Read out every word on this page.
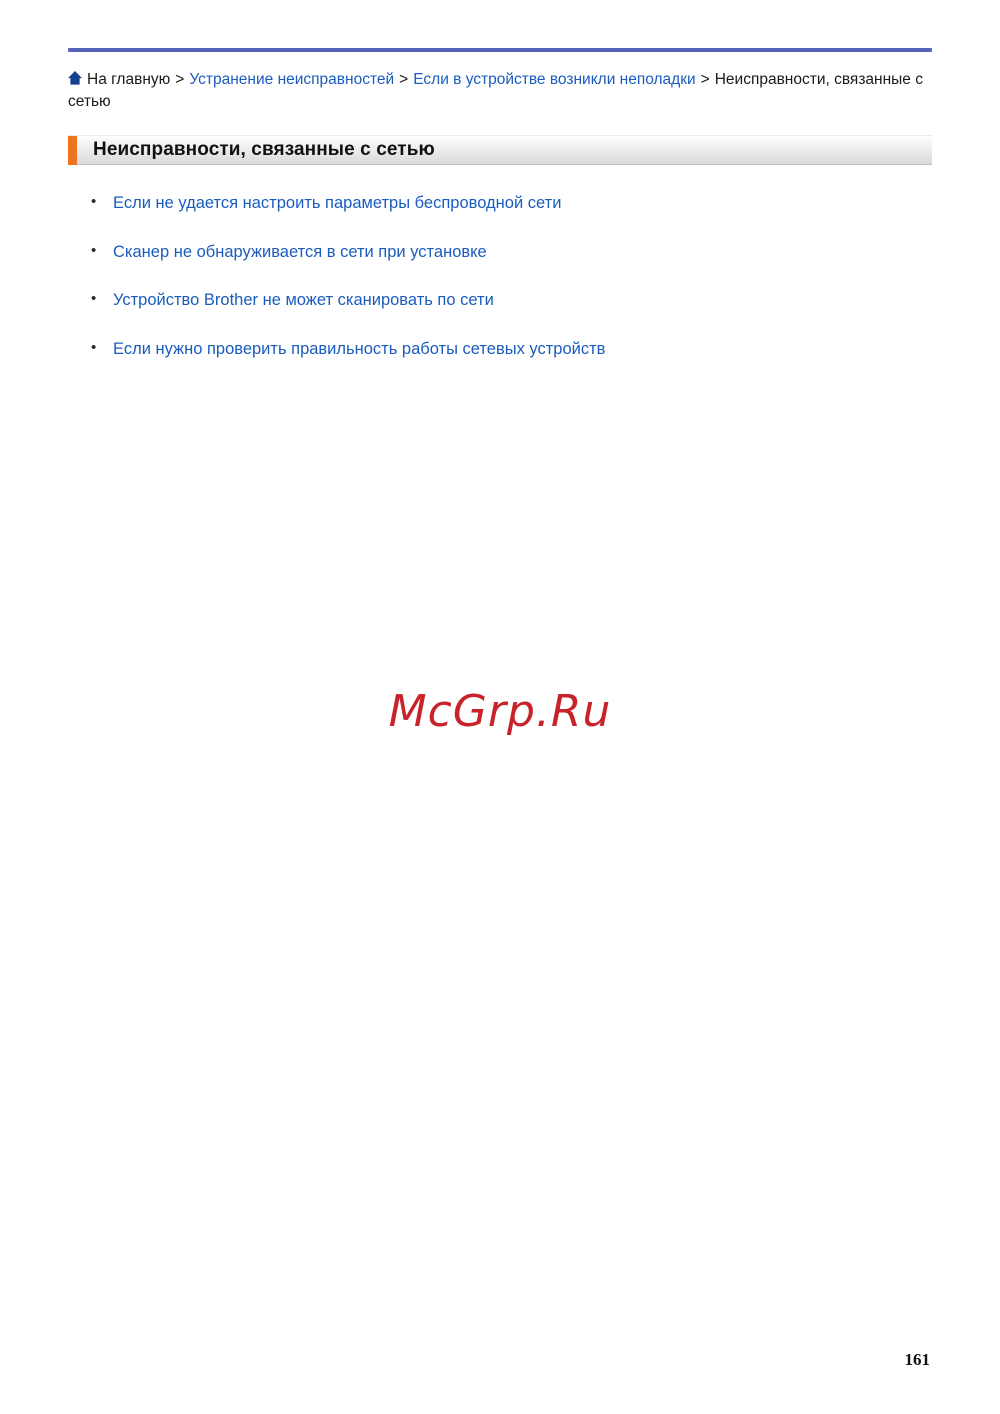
На главную > Устранение неисправностей > Если в устройстве возникли неполадки > Неисправности, связанные с сетью
Неисправности, связанные с сетью
• Если не удается настроить параметры беспроводной сети
• Сканер не обнаруживается в сети при установке
• Устройство Brother не может сканировать по сети
• Если нужно проверить правильность работы сетевых устройств
McGrp.Ru
161
